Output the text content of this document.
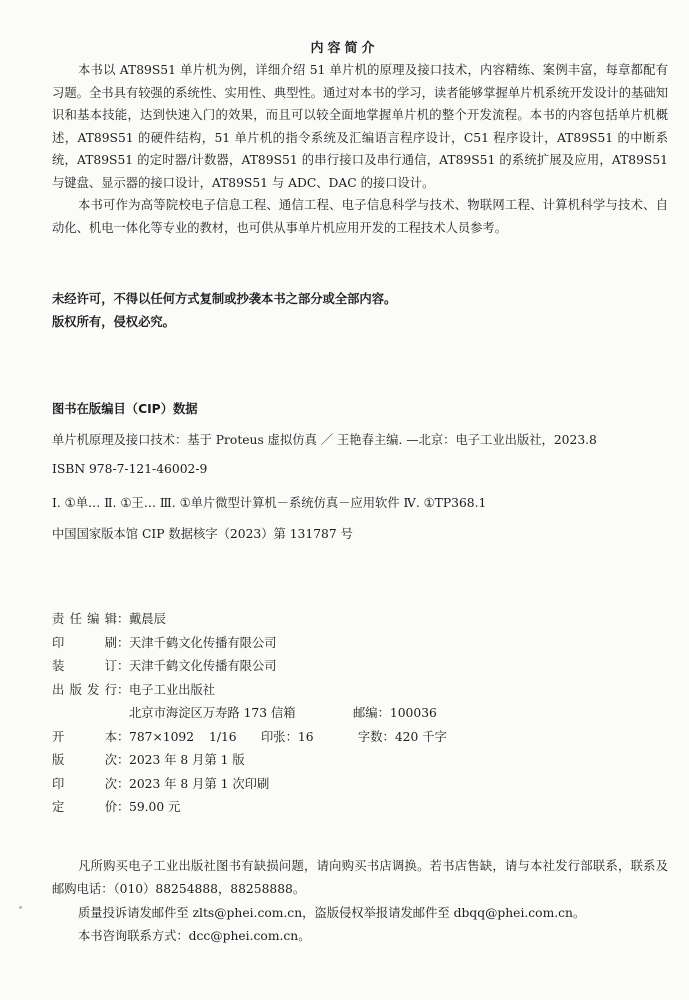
内容简介
本书以 AT89S51 单片机为例，详细介绍 51 单片机的原理及接口技术，内容精练、案例丰富，每章都配有习题。全书具有较强的系统性、实用性、典型性。通过对本书的学习，读者能够掌握单片机系统开发设计的基础知识和基本技能，达到快速入门的效果，而且可以较全面地掌握单片机的整个开发流程。本书的内容包括单片机概述，AT89S51 的硬件结构，51 单片机的指令系统及汇编语言程序设计，C51 程序设计，AT89S51 的中断系统，AT89S51 的定时器/计数器，AT89S51 的串行接口及串行通信，AT89S51 的系统扩展及应用，AT89S51 与键盘、显示器的接口设计，AT89S51 与 ADC、DAC 的接口设计。
本书可作为高等院校电子信息工程、通信工程、电子信息科学与技术、物联网工程、计算机科学与技术、自动化、机电一体化等专业的教材，也可供从事单片机应用开发的工程技术人员参考。
未经许可，不得以任何方式复制或抄袭本书之部分或全部内容。
版权所有，侵权必究。
图书在版编目（CIP）数据
单片机原理及接口技术：基于 Proteus 虚拟仿真 ／ 王艳春主编. —北京：电子工业出版社，2023.8
ISBN 978-7-121-46002-9
Ⅰ. ①单… Ⅱ. ①王… Ⅲ. ①单片微型计算机－系统仿真－应用软件 Ⅳ. ①TP368.1
中国国家版本馆 CIP 数据核字（2023）第 131787 号
责任编辑：戴晨辰
印刷：天津千鹤文化传播有限公司
装订：天津千鹤文化传播有限公司
出版发行：电子工业出版社
北京市海淀区万寿路 173 信箱	邮编：100036
开本：787×1092 1/16 印张：16	字数：420 千字
版次：2023 年 8 月第 1 版
印次：2023 年 8 月第 1 次印刷
定价：59.00 元
凡所购买电子工业出版社图书有缺损问题，请向购买书店调换。若书店售缺，请与本社发行部联系，联系及邮购电话：（010）88254888，88258888。
质量投诉请发邮件至 zlts@phei.com.cn，盗版侵权举报请发邮件至 dbqq@phei.com.cn。
本书咨询联系方式：dcc@phei.com.cn。
